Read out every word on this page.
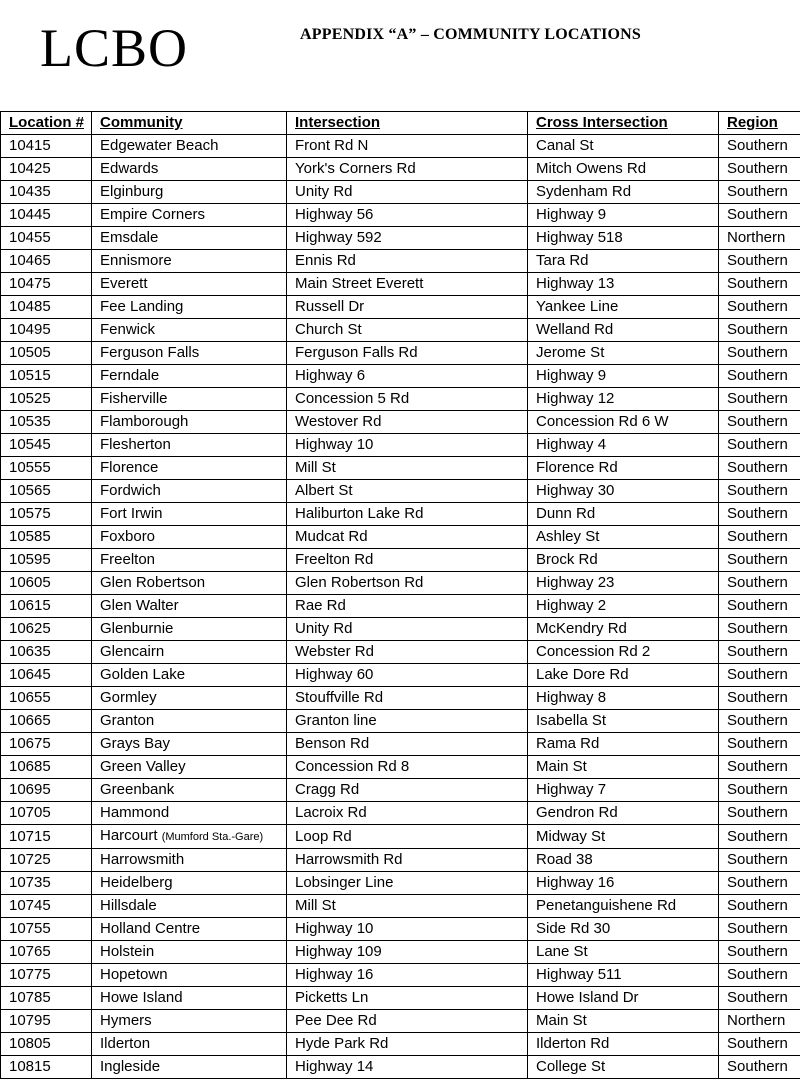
LCBO	APPENDIX “A” – COMMUNITY LOCATIONS
Location #	Community	Intersection	Cross Intersection	Region
10415	Edgewater Beach	Front Rd N	Canal St	Southern
10425	Edwards	York's Corners Rd	Mitch Owens Rd	Southern
10435	Elginburg	Unity Rd	Sydenham Rd	Southern
10445	Empire Corners	Highway 56	Highway 9	Southern
10455	Emsdale	Highway 592	Highway 518	Northern
10465	Ennismore	Ennis Rd	Tara Rd	Southern
10475	Everett	Main Street Everett	Highway 13	Southern
10485	Fee Landing	Russell Dr	Yankee Line	Southern
10495	Fenwick	Church St	Welland Rd	Southern
10505	Ferguson Falls	Ferguson Falls Rd	Jerome St	Southern
10515	Ferndale	Highway 6	Highway 9	Southern
10525	Fisherville	Concession 5 Rd	Highway 12	Southern
10535	Flamborough	Westover Rd	Concession Rd 6 W	Southern
10545	Flesherton	Highway 10	Highway 4	Southern
10555	Florence	Mill St	Florence Rd	Southern
10565	Fordwich	Albert St	Highway 30	Southern
10575	Fort Irwin	Haliburton Lake Rd	Dunn Rd	Southern
10585	Foxboro	Mudcat Rd	Ashley St	Southern
10595	Freelton	Freelton Rd	Brock Rd	Southern
10605	Glen Robertson	Glen Robertson Rd	Highway 23	Southern
10615	Glen Walter	Rae Rd	Highway 2	Southern
10625	Glenburnie	Unity Rd	McKendry Rd	Southern
10635	Glencairn	Webster Rd	Concession Rd 2	Southern
10645	Golden Lake	Highway 60	Lake Dore Rd	Southern
10655	Gormley	Stouffville Rd	Highway 8	Southern
10665	Granton	Granton line	Isabella St	Southern
10675	Grays Bay	Benson Rd	Rama Rd	Southern
10685	Green Valley	Concession Rd 8	Main St	Southern
10695	Greenbank	Cragg Rd	Highway 7	Southern
10705	Hammond	Lacroix Rd	Gendron Rd	Southern
10715	Harcourt (Mumford Sta.-Gare)	Loop Rd	Midway St	Southern
10725	Harrowsmith	Harrowsmith Rd	Road 38	Southern
10735	Heidelberg	Lobsinger Line	Highway 16	Southern
10745	Hillsdale	Mill St	Penetanguishene Rd	Southern
10755	Holland Centre	Highway 10	Side Rd 30	Southern
10765	Holstein	Highway 109	Lane St	Southern
10775	Hopetown	Highway 16	Highway 511	Southern
10785	Howe Island	Picketts Ln	Howe Island Dr	Southern
10795	Hymers	Pee Dee Rd	Main St	Northern
10805	Ilderton	Hyde Park Rd	Ilderton Rd	Southern
10815	Ingleside	Highway 14	College St	Southern
